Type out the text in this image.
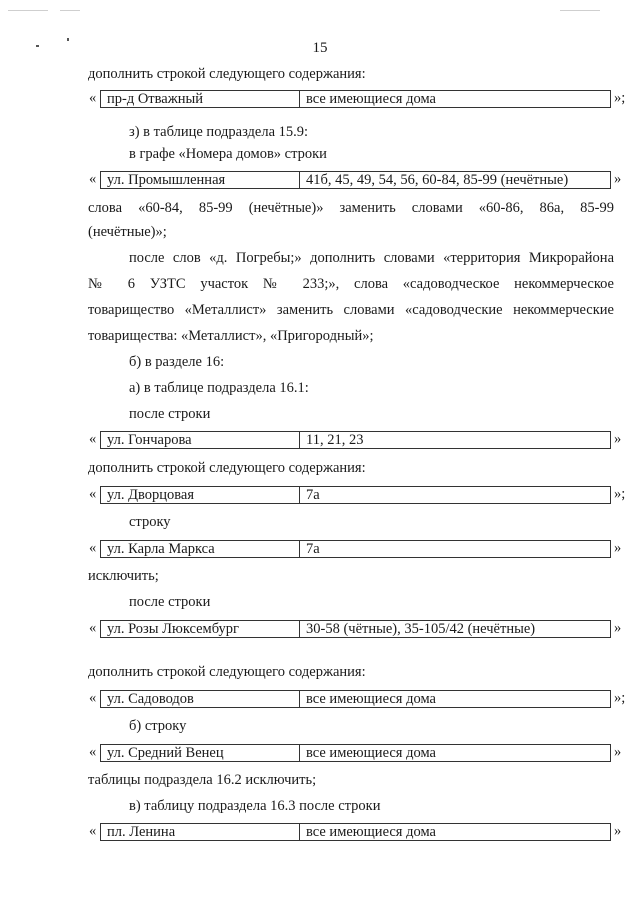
15
дополнить строкой следующего содержания:
« пр-д Отважный	все имеющиеся дома	»;
з) в таблице подраздела 15.9:
в графе «Номера домов» строки
« ул. Промышленная	41б, 45, 49, 54, 56, 60-84, 85-99 (нечётные)	»
слова «60-84, 85-99 (нечётные)» заменить словами «60-86, 86а, 85-99
(нечётные)»;
после слов «д. Погребы;» дополнить словами «территория Микрорайона
№ 6 УЗТС участок № 233;», слова «садоводческое некоммерческое
товарищество «Металлист» заменить словами «садоводческие некоммерческие
товарищества: «Металлист», «Пригородный»;
б) в разделе 16:
а) в таблице подраздела 16.1:
после строки
« ул. Гончарова	11, 21, 23	»
дополнить строкой следующего содержания:
« ул. Дворцовая	7а	»;
строку
« ул. Карла Маркса	7а	»
исключить;
после строки
« ул. Розы Люксембург	30-58 (чётные), 35-105/42 (нечётные)	»
дополнить строкой следующего содержания:
« ул. Садоводов	все имеющиеся дома	»;
б) строку
« ул. Средний Венец	все имеющиеся дома	»
таблицы подраздела 16.2 исключить;
в) таблицу подраздела 16.3 после строки
« пл. Ленина	все имеющиеся дома	»
